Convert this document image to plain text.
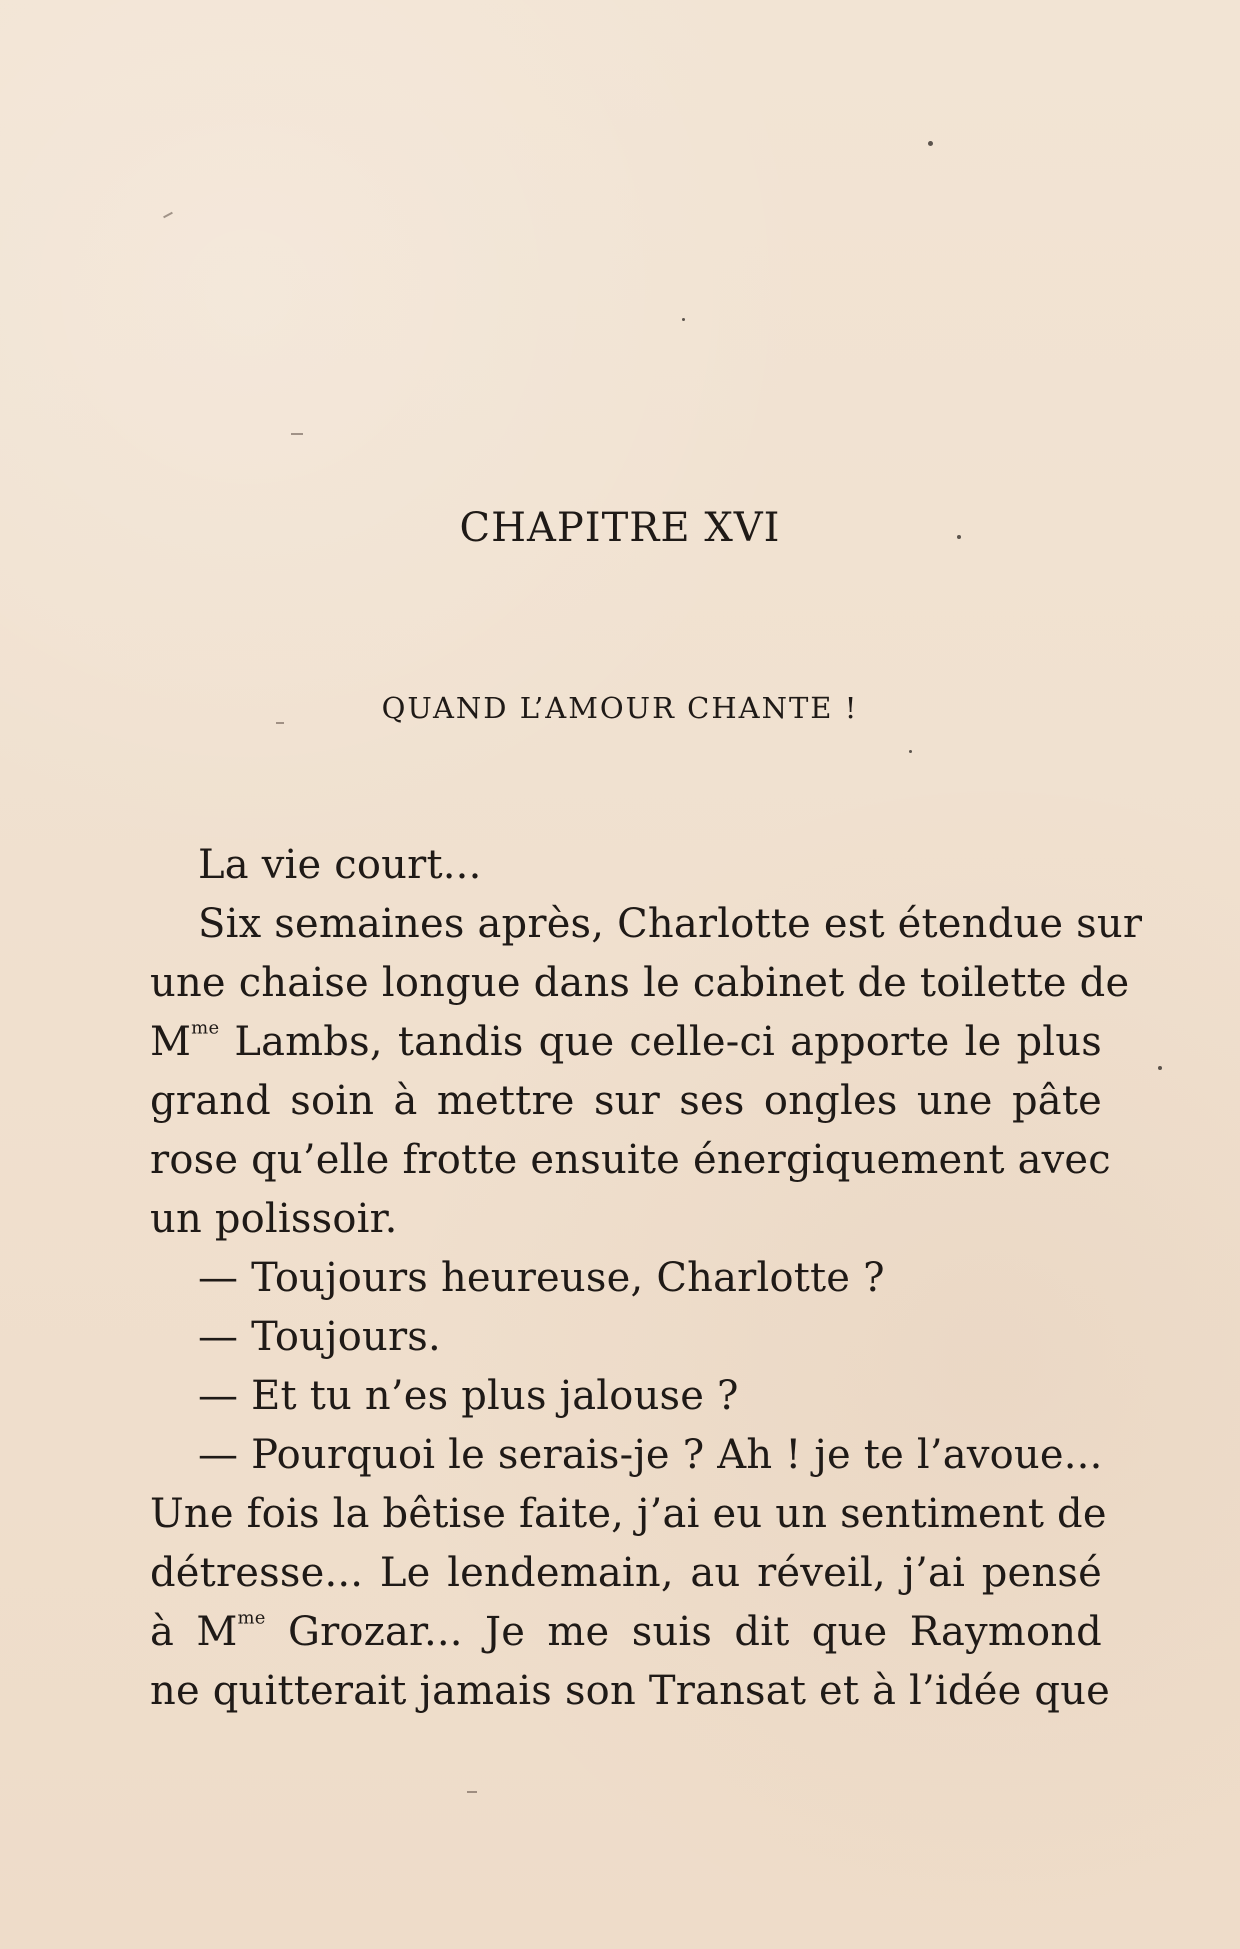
CHAPITRE XVI
QUAND L’AMOUR CHANTE !
La vie court...
Six semaines après, Charlotte est étendue sur
une chaise longue dans le cabinet de toilette de
$M^{me}$ Lambs, tandis que celle-ci apporte le plus
grand soin à mettre sur ses ongles une pâte
rose qu’elle frotte ensuite énergiquement avec
un polissoir.
— Toujours heureuse, Charlotte ?
— Toujours.
— Et tu n’es plus jalouse ?
— Pourquoi le serais-je ? Ah ! je te l’avoue...
Une fois la bêtise faite, j’ai eu un sentiment de
détresse... Le lendemain, au réveil, j’ai pensé
à $M^{me}$ Grozar... Je me suis dit que Raymond
ne quitterait jamais son Transat et à l’idée que
